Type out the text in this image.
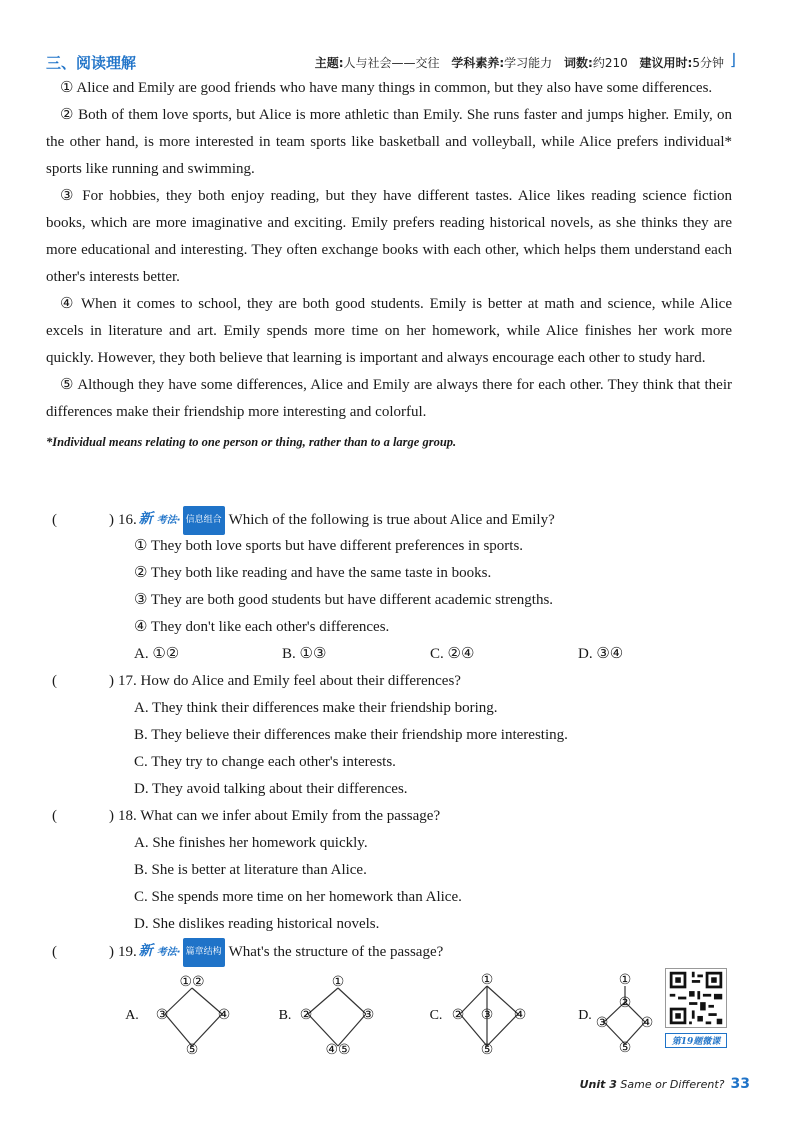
三、阅读理解	主题:人与社会——交往 学科素养:学习能力 词数:约210 建议用时:5分钟 ⌋

① Alice and Emily are good friends who have many things in common, but they also have some differences.

② Both of them love sports, but Alice is more athletic than Emily. She runs faster and jumps higher. Emily, on the other hand, is more interested in team sports like basketball and volleyball, while Alice prefers individual* sports like running and swimming.

③ For hobbies, they both enjoy reading, but they have different tastes. Alice likes reading science fiction books, which are more imaginative and exciting. Emily prefers reading historical novels, as she thinks they are more educational and interesting. They often exchange books with each other, which helps them understand each other's interests better.

④ When it comes to school, they are both good students. Emily is better at math and science, while Alice excels in literature and art. Emily spends more time on her homework, while Alice finishes her work more quickly. However, they both believe that learning is important and always encourage each other to study hard.

⑤ Although they have some differences, Alice and Emily are always there for each other. They think that their differences make their friendship more interesting and colorful.

*Individual means relating to one person or thing, rather than to a large group.

(	) 16. 新 考法· 信息组合 Which of the following is true about Alice and Emily?
① They both love sports but have different preferences in sports.
② They both like reading and have the same taste in books.
③ They are both good students but have different academic strengths.
④ They don't like each other's differences.
A. ①②	B. ①③	C. ②④	D. ③④
(	) 17. How do Alice and Emily feel about their differences?
A. They think their differences make their friendship boring.
B. They believe their differences make their friendship more interesting.
C. They try to change each other's interests.
D. They avoid talking about their differences.
(	) 18. What can we infer about Emily from the passage?
A. She finishes her homework quickly.
B. She is better at literature than Alice.
C. She spends more time on her homework than Alice.
D. She dislikes reading historical novels.
(	) 19. 新 考法· 篇章结构 What's the structure of the passage?
A.
①②
③	④
⑤
B.
①
②	③
④⑤
C.
①
② ③ ④
⑤
D.
①
②
③ ④
⑤	第19题微课
Unit 3 Same or Different? 33
